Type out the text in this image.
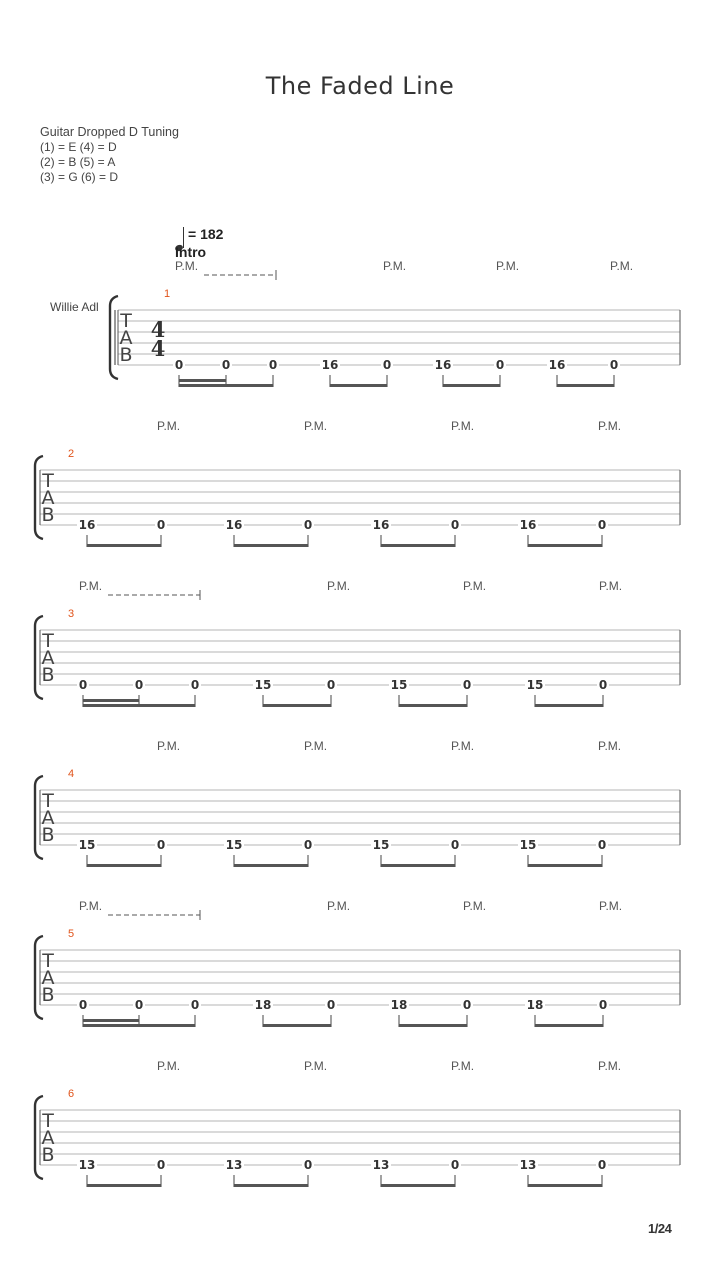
The Faded Line
Guitar Dropped D Tuning
(1) = E (4) = D
(2) = B (5) = A
(3) = G (6) = D
= 182
Intro
Willie Adl
T
A
B
4
4
1
P.M.	P.M.	P.M.	P.M.
0	0	0	16	0	16	0	16	0
T
A
B
2
P.M.	P.M.	P.M.	P.M.
16	0	16	0	16	0	16	0
T
A
B
3
P.M.	P.M.	P.M.	P.M.
0	0	0	15	0	15	0	15	0
T
A
B
4
P.M.	P.M.	P.M.	P.M.
15	0	15	0	15	0	15	0
T
A
B
5
P.M.	P.M.	P.M.	P.M.
0	0	0	18	0	18	0	18	0
T
A
B
6
P.M.	P.M.	P.M.	P.M.
13	0	13	0	13	0	13	0
1/24
